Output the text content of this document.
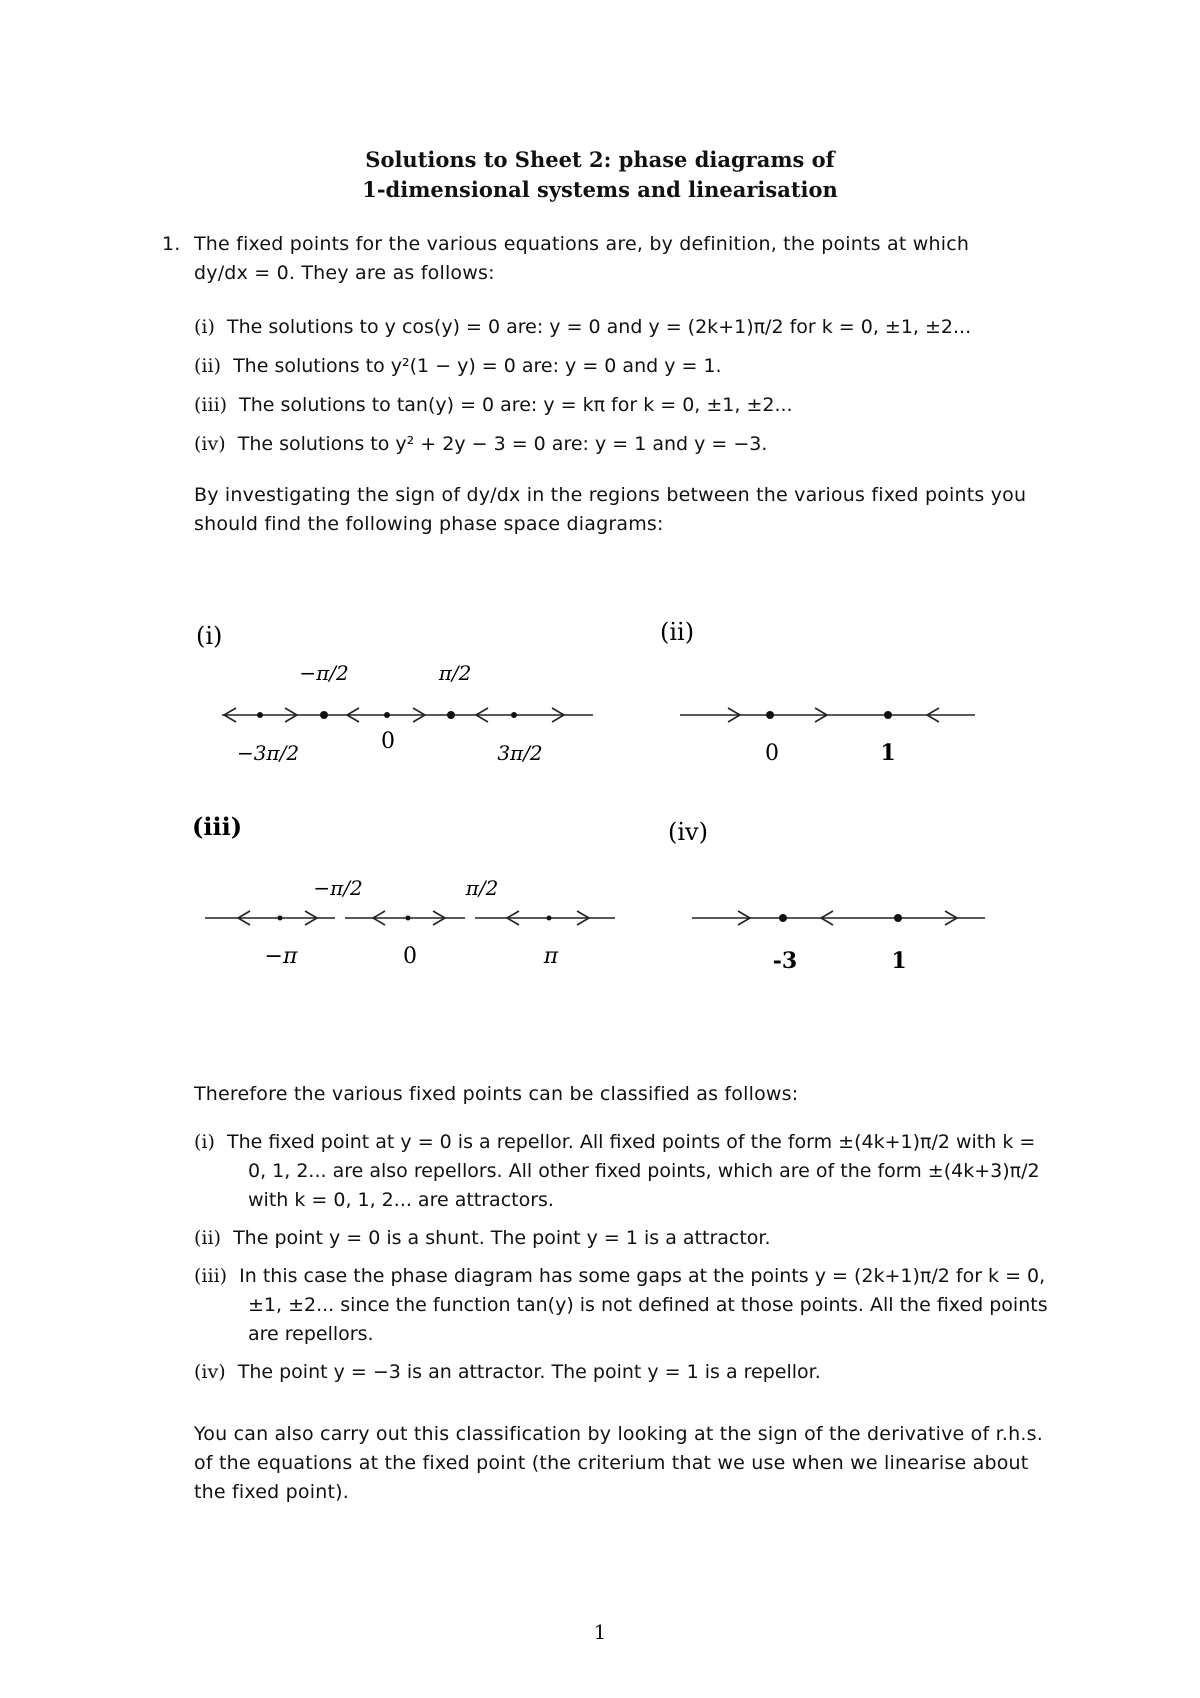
Solutions to Sheet 2: phase diagrams of
1-dimensional systems and linearisation
1. The fixed points for the various equations are, by definition, the points at which
dy/dx = 0. They are as follows:
(i) The solutions to y cos(y) = 0 are: y = 0 and y = (2k+1)π/2 for k = 0, ±1, ±2...
(ii) The solutions to y²(1 − y) = 0 are: y = 0 and y = 1.
(iii) The solutions to tan(y) = 0 are: y = kπ for k = 0, ±1, ±2...
(iv) The solutions to y² + 2y − 3 = 0 are: y = 1 and y = −3.
By investigating the sign of dy/dx in the regions between the various fixed points you
should find the following phase space diagrams:
(i)	(ii)
(iii)	(iv)
−π/2	π/2
−3π/2	0	3π/2	0	1
−π/2	π/2
−π	0	π	-3	1
Therefore the various fixed points can be classified as follows:
(i) The fixed point at y = 0 is a repellor. All fixed points of the form ±(4k+1)π/2 with k = 0, 1, 2... are also repellors. All other fixed points, which are of the form ±(4k+3)π/2 with k = 0, 1, 2... are attractors.
(ii) The point y = 0 is a shunt. The point y = 1 is a attractor.
(iii) In this case the phase diagram has some gaps at the points y = (2k+1)π/2 for k = 0, ±1, ±2... since the function tan(y) is not defined at those points. All the fixed points are repellors.
(iv) The point y = −3 is an attractor. The point y = 1 is a repellor.
You can also carry out this classification by looking at the sign of the derivative of r.h.s. of the equations at the fixed point (the criterium that we use when we linearise about the fixed point).
1
